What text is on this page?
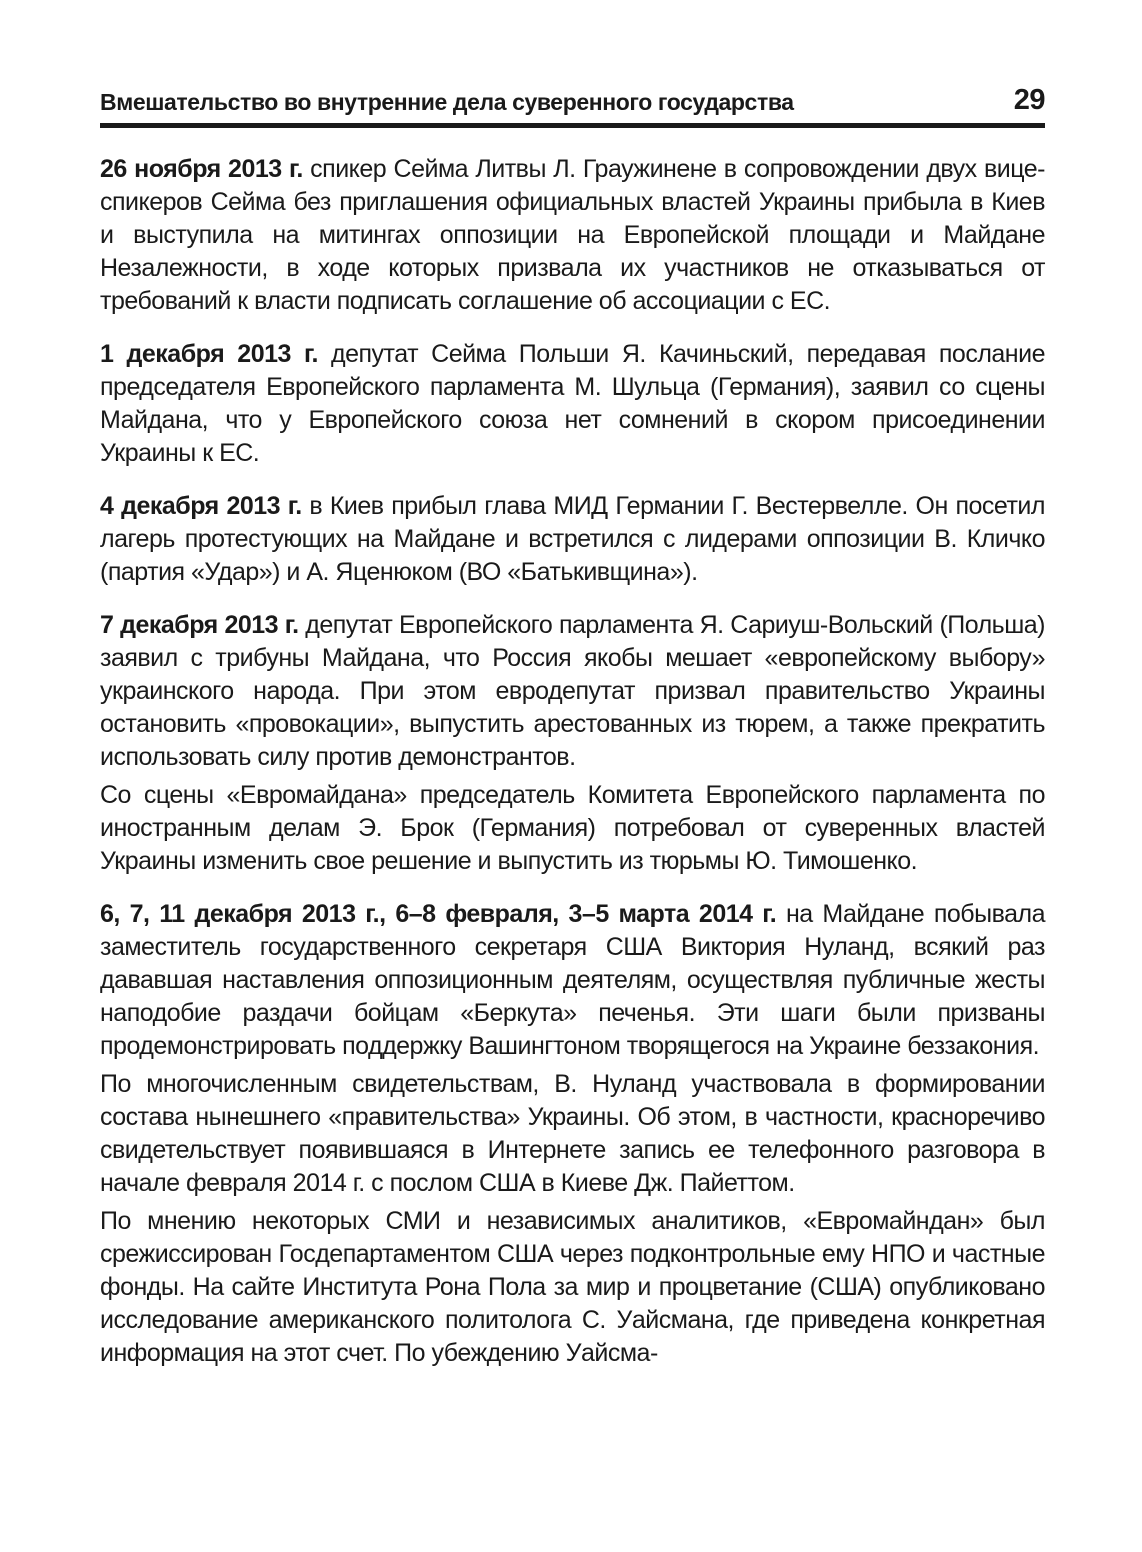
Вмешательство во внутренние дела суверенного государства	29

26 ноября 2013 г. спикер Сейма Литвы Л. Граужинене в сопровождении двух вице-спикеров Сейма без приглашения официальных властей Украины прибыла в Киев и выступила на митингах оппозиции на Европейской площади и Майдане Незалежности, в ходе которых призвала их участников не отказываться от требований к власти подписать соглашение об ассоциации с ЕС.

1 декабря 2013 г. депутат Сейма Польши Я. Качиньский, передавая послание председателя Европейского парламента М. Шульца (Германия), заявил со сцены Майдана, что у Европейского союза нет сомнений в скором присоединении Украины к ЕС.

4 декабря 2013 г. в Киев прибыл глава МИД Германии Г. Вестервелле. Он посетил лагерь протестующих на Майдане и встретился с лидерами оппозиции В. Кличко (партия «Удар») и А. Яценюком (ВО «Батькивщина»).

7 декабря 2013 г. депутат Европейского парламента Я. Сариуш-Вольский (Польша) заявил с трибуны Майдана, что Россия якобы мешает «европейскому выбору» украинского народа. При этом евродепутат призвал правительство Украины остановить «провокации», выпустить арестованных из тюрем, а также прекратить использовать силу против демонстрантов.

Со сцены «Евромайдана» председатель Комитета Европейского парламента по иностранным делам Э. Брок (Германия) потребовал от суверенных властей Украины изменить свое решение и выпустить из тюрьмы Ю. Тимошенко.

6, 7, 11 декабря 2013 г., 6–8 февраля, 3–5 марта 2014 г. на Майдане побывала заместитель государственного секретаря США Виктория Нуланд, всякий раз дававшая наставления оппозиционным деятелям, осуществляя публичные жесты наподобие раздачи бойцам «Беркута» печенья. Эти шаги были призваны продемонстрировать поддержку Вашингтоном творящегося на Украине беззакония.

По многочисленным свидетельствам, В. Нуланд участвовала в формировании состава нынешнего «правительства» Украины. Об этом, в частности, красноречиво свидетельствует появившаяся в Интернете запись ее телефонного разговора в начале февраля 2014 г. с послом США в Киеве Дж. Пайеттом.

По мнению некоторых СМИ и независимых аналитиков, «Евромайндан» был срежиссирован Госдепартаментом США через подконтрольные ему НПО и частные фонды. На сайте Института Рона Пола за мир и процветание (США) опубликовано исследование американского политолога С. Уайсмана, где приведена конкретная информация на этот счет. По убеждению Уайсма-
